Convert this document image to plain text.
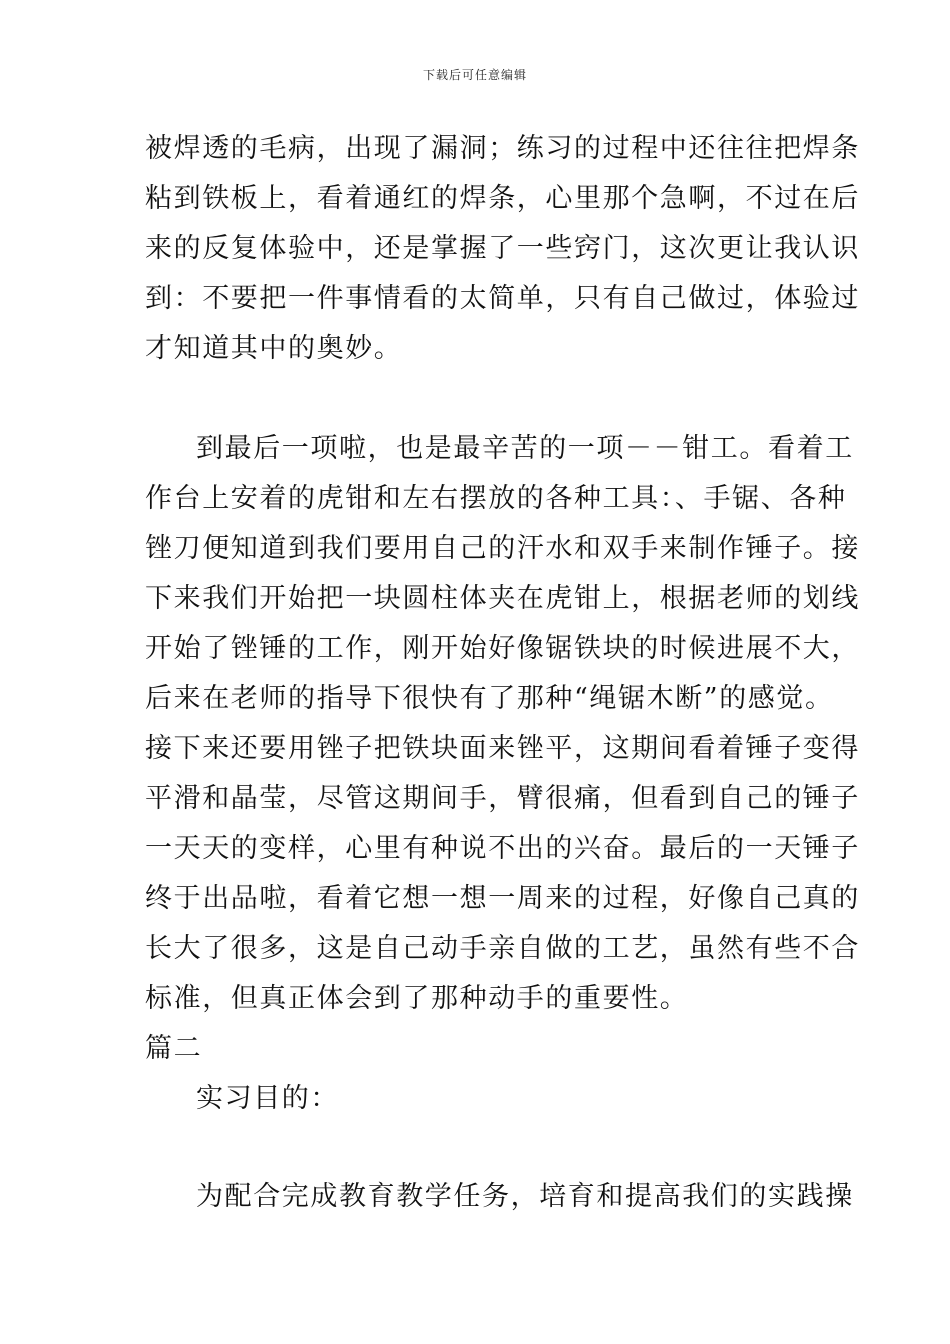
下载后可任意编辑
被焊透的毛病，出现了漏洞；练习的过程中还往往把焊条
粘到铁板上，看着通红的焊条，心里那个急啊，不过在后
来的反复体验中，还是掌握了一些窍门，这次更让我认识
到：不要把一件事情看的太简单，只有自己做过，体验过
才知道其中的奥妙。
到最后一项啦，也是最辛苦的一项－－钳工。看着工
作台上安着的虎钳和左右摆放的各种工具：、手锯、各种
锉刀便知道到我们要用自己的汗水和双手来制作锤子。接
下来我们开始把一块圆柱体夹在虎钳上，根据老师的划线
开始了锉锤的工作，刚开始好像锯铁块的时候进展不大，
后来在老师的指导下很快有了那种“绳锯木断”的感觉。
接下来还要用锉子把铁块面来锉平，这期间看着锤子变得
平滑和晶莹，尽管这期间手，臂很痛，但看到自己的锤子
一天天的变样，心里有种说不出的兴奋。最后的一天锤子
终于出品啦，看着它想一想一周来的过程，好像自己真的
长大了很多，这是自己动手亲自做的工艺，虽然有些不合
标准，但真正体会到了那种动手的重要性。
篇二
实习目的：
为配合完成教育教学任务，培育和提高我们的实践操
